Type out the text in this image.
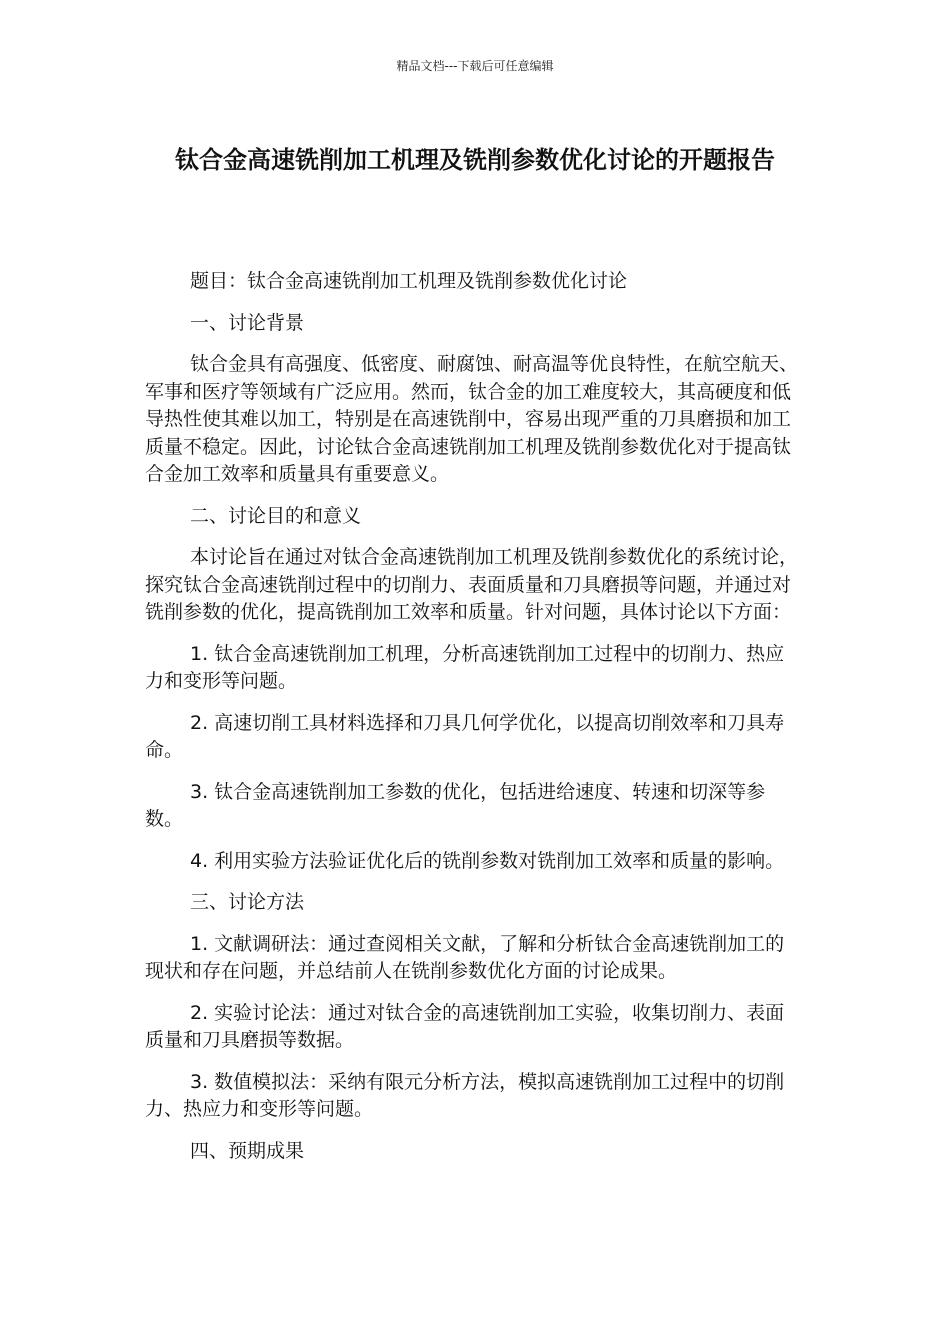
精品文档---下载后可任意编辑
钛合金高速铣削加工机理及铣削参数优化讨论的开题报告

题目：钛合金高速铣削加工机理及铣削参数优化讨论

一、讨论背景

钛合金具有高强度、低密度、耐腐蚀、耐高温等优良特性，在航空航天、军事和医疗等领域有广泛应用。然而，钛合金的加工难度较大，其高硬度和低导热性使其难以加工，特别是在高速铣削中，容易出现严重的刀具磨损和加工质量不稳定。因此，讨论钛合金高速铣削加工机理及铣削参数优化对于提高钛合金加工效率和质量具有重要意义。

二、讨论目的和意义

本讨论旨在通过对钛合金高速铣削加工机理及铣削参数优化的系统讨论，探究钛合金高速铣削过程中的切削力、表面质量和刀具磨损等问题，并通过对铣削参数的优化，提高铣削加工效率和质量。针对问题，具体讨论以下方面：

1. 钛合金高速铣削加工机理，分析高速铣削加工过程中的切削力、热应力和变形等问题。

2. 高速切削工具材料选择和刀具几何学优化，以提高切削效率和刀具寿命。

3. 钛合金高速铣削加工参数的优化，包括进给速度、转速和切深等参数。

4. 利用实验方法验证优化后的铣削参数对铣削加工效率和质量的影响。

三、讨论方法

1. 文献调研法：通过查阅相关文献，了解和分析钛合金高速铣削加工的现状和存在问题，并总结前人在铣削参数优化方面的讨论成果。

2. 实验讨论法：通过对钛合金的高速铣削加工实验，收集切削力、表面质量和刀具磨损等数据。

3. 数值模拟法：采纳有限元分析方法，模拟高速铣削加工过程中的切削力、热应力和变形等问题。

四、预期成果
